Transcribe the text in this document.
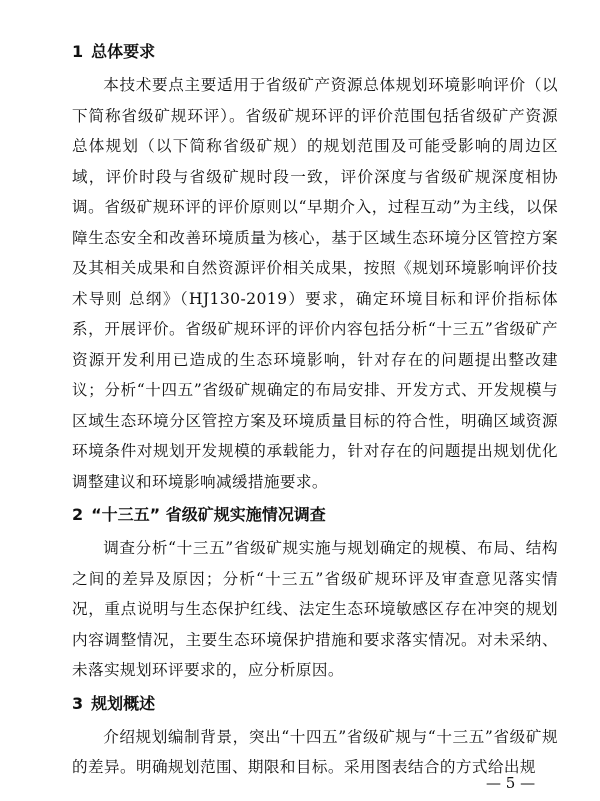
1 总体要求

本技术要点主要适用于省级矿产资源总体规划环境影响评价（以下简称省级矿规环评）。省级矿规环评的评价范围包括省级矿产资源总体规划（以下简称省级矿规）的规划范围及可能受影响的周边区域，评价时段与省级矿规时段一致，评价深度与省级矿规深度相协调。省级矿规环评的评价原则以“早期介入，过程互动”为主线，以保障生态安全和改善环境质量为核心，基于区域生态环境分区管控方案及其相关成果和自然资源评价相关成果，按照《规划环境影响评价技术导则 总纲》（HJ130-2019）要求，确定环境目标和评价指标体系，开展评价。省级矿规环评的评价内容包括分析“十三五”省级矿产资源开发利用已造成的生态环境影响，针对存在的问题提出整改建议；分析“十四五”省级矿规确定的布局安排、开发方式、开发规模与区域生态环境分区管控方案及环境质量目标的符合性，明确区域资源环境条件对规划开发规模的承载能力，针对存在的问题提出规划优化调整建议和环境影响减缓措施要求。

2 “十三五” 省级矿规实施情况调查

调查分析“十三五”省级矿规实施与规划确定的规模、布局、结构之间的差异及原因；分析“十三五”省级矿规环评及审查意见落实情况，重点说明与生态保护红线、法定生态环境敏感区存在冲突的规划内容调整情况，主要生态环境保护措施和要求落实情况。对未采纳、未落实规划环评要求的，应分析原因。

3 规划概述

介绍规划编制背景，突出“十四五”省级矿规与“十三五”省级矿规的差异。明确规划范围、期限和目标。采用图表结合的方式给出规

— 5 —
